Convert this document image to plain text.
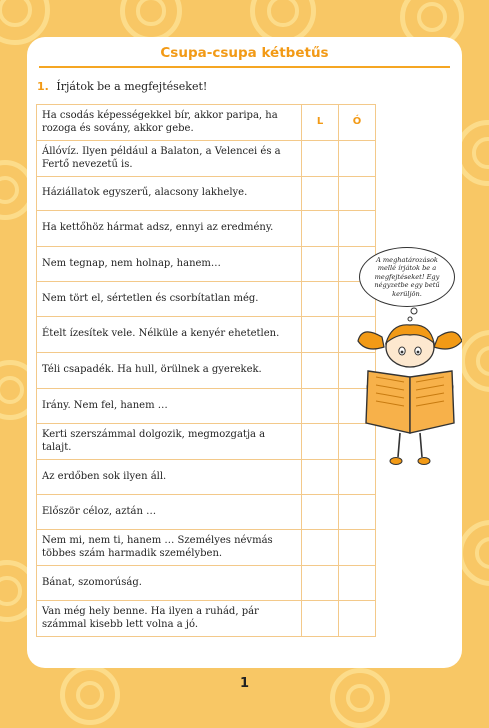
Csupa-csupa kétbetűs
1. Írjátok be a megfejtéseket!
Ha csodás képességekkel bír, akkor paripa, ha rozoga és sovány, akkor gebe.	L	Ó
Állóvíz. Ilyen például a Balaton, a Velencei és a Fertő nevezetű is.		
Háziállatok egyszerű, alacsony lakhelye.		
Ha kettőhöz hármat adsz, ennyi az eredmény.		
Nem tegnap, nem holnap, hanem…		
Nem tört el, sértetlen és csorbítatlan még.		
Ételt ízesítek vele. Nélküle a kenyér ehetetlen.		
Téli csapadék. Ha hull, örülnek a gyerekek.		
Irány. Nem fel, hanem …		
Kerti szerszámmal dolgozik, megmozgatja a talajt.		
Az erdőben sok ilyen áll.		
Először céloz, aztán …		
Nem mi, nem ti, hanem … Személyes névmás többes szám harmadik személyben.		
Bánat, szomorúság.		
Van még hely benne. Ha ilyen a ruhád, pár számmal kisebb lett volna a jó.		
A meghatározások mellé írjátok be a megfejtéseket! Egy négyzetbe egy betű kerüljön.
1
